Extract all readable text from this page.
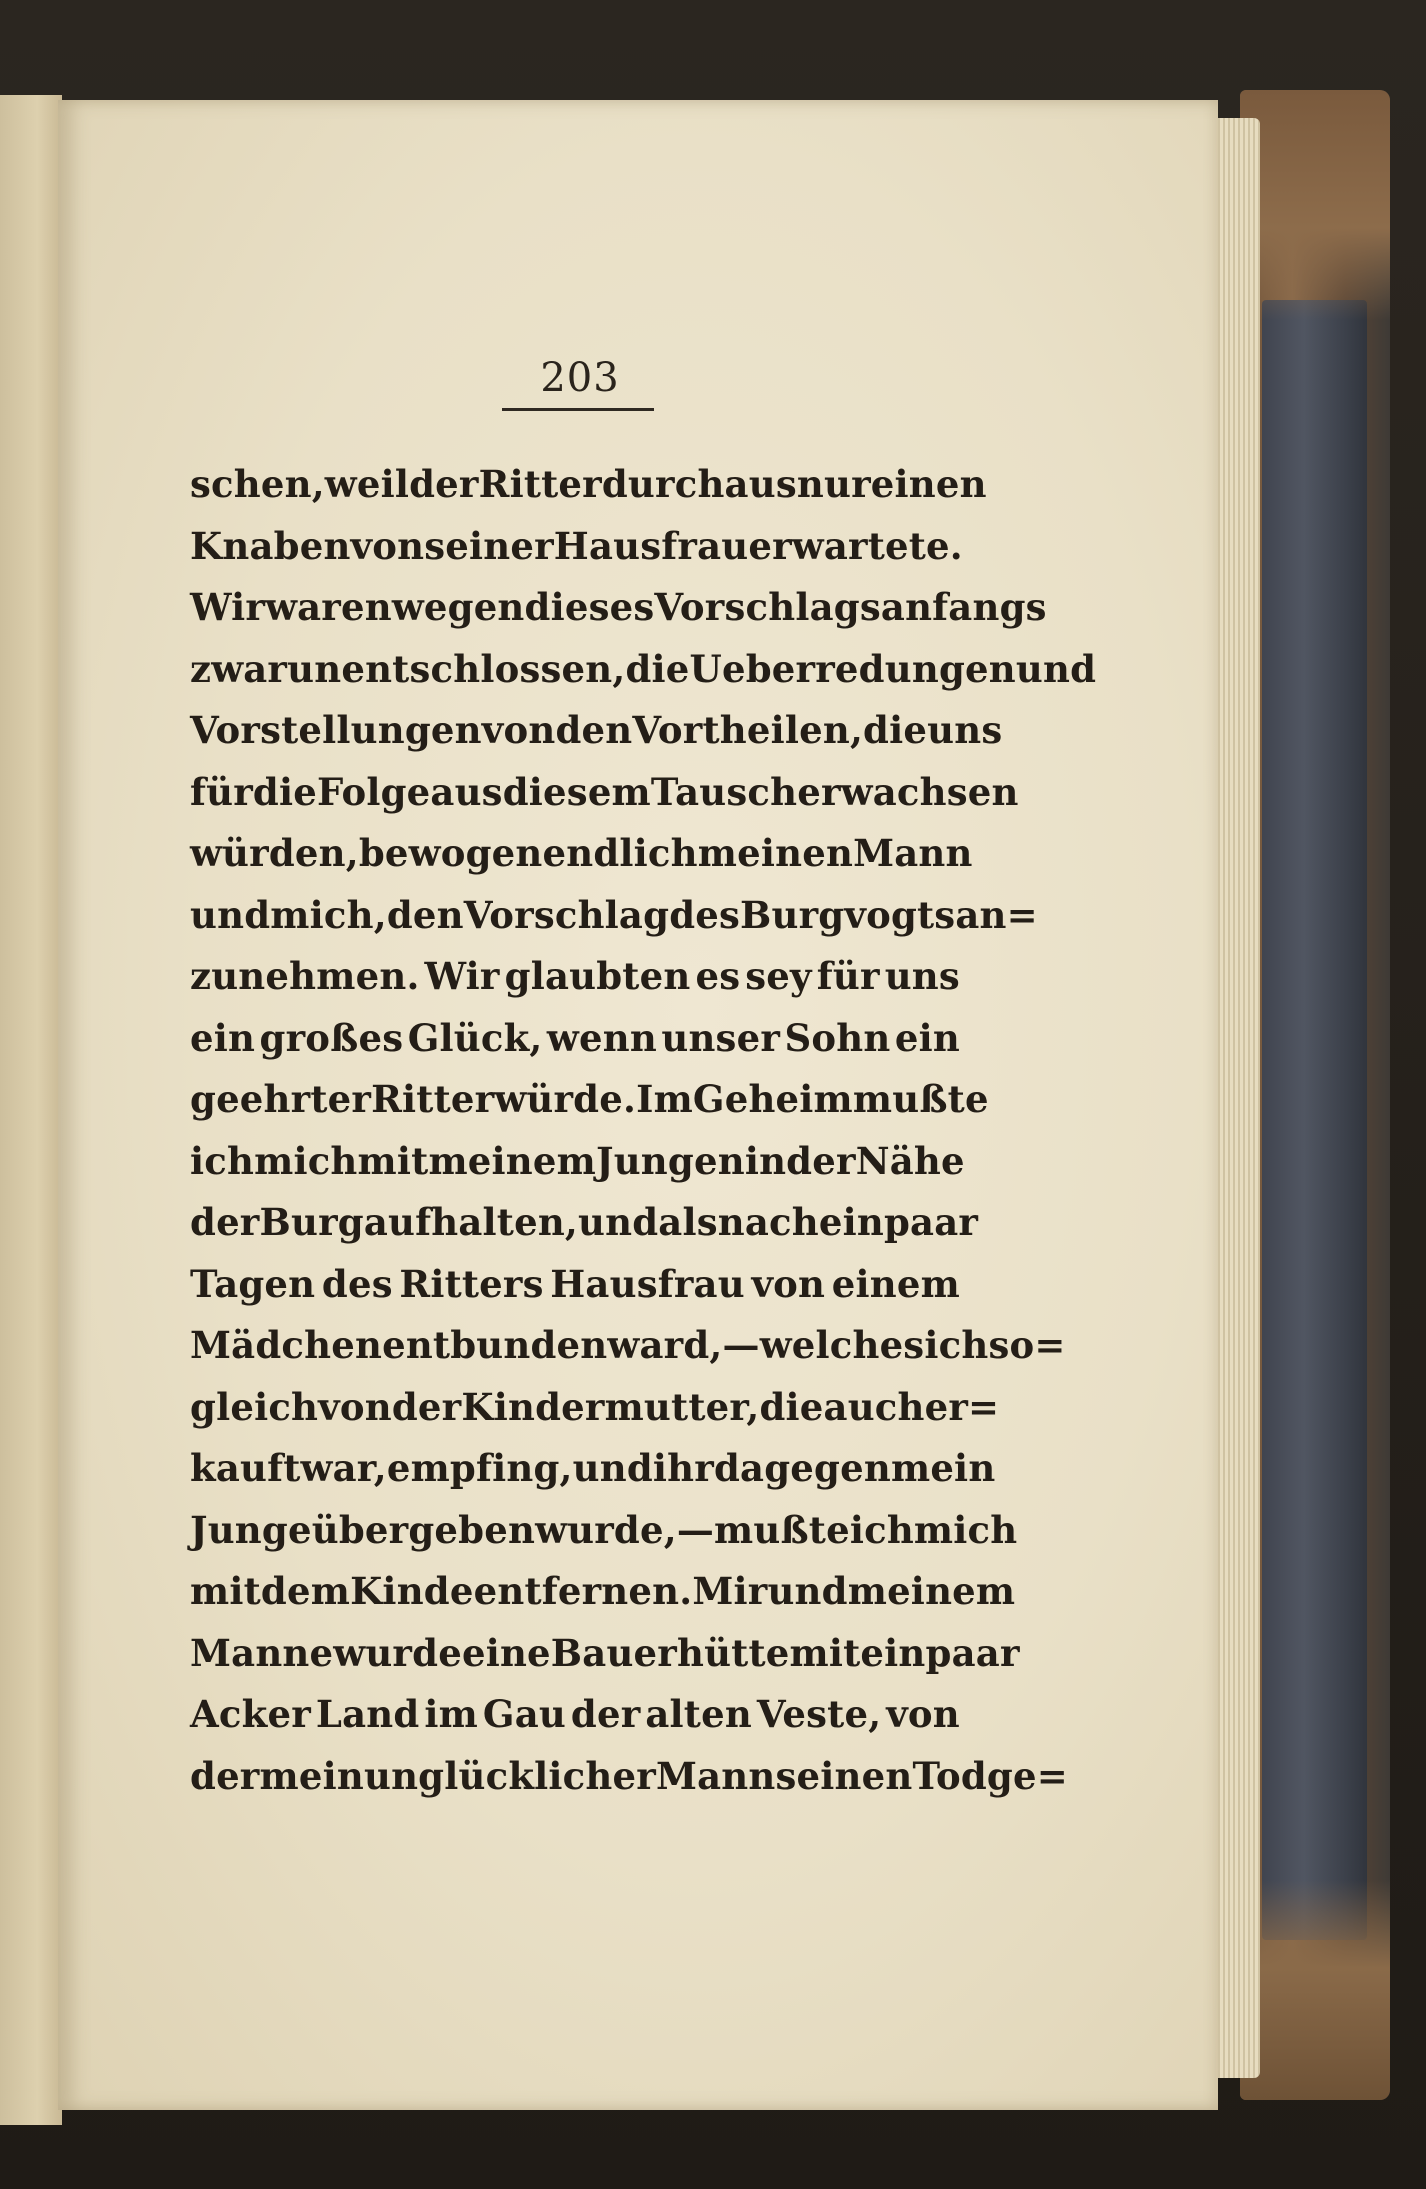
203
schen, weil der Ritter durchaus nur einen
Knaben von seiner Hausfrau erwartete.
Wir waren wegen dieses Vorschlags anfangs
zwar unentschlossen, die Ueberredungen und
Vorstellungen von den Vortheilen, die uns
für die Folge aus diesem Tausch erwachsen
würden, bewogen endlich meinen Mann
und mich, den Vorschlag des Burgvogts an=
zunehmen. Wir glaubten es sey für uns
ein großes Glück, wenn unser Sohn ein
geehrter Ritter würde. Im Geheim mußte
ich mich mit meinem Jungen in der Nähe
der Burg aufhalten, und als nach ein paar
Tagen des Ritters Hausfrau von einem
Mädchen entbunden ward, — welches ich so=
gleich von der Kindermutter, die auch er=
kauft war, empfing, und ihr dagegen mein
Junge übergeben wurde, — mußte ich mich
mit dem Kinde entfernen. Mir und meinem
Manne wurde eine Bauerhütte mit ein paar
Acker Land im Gau der alten Veste, von
der mein unglücklicher Mann seinen Tod ge=
